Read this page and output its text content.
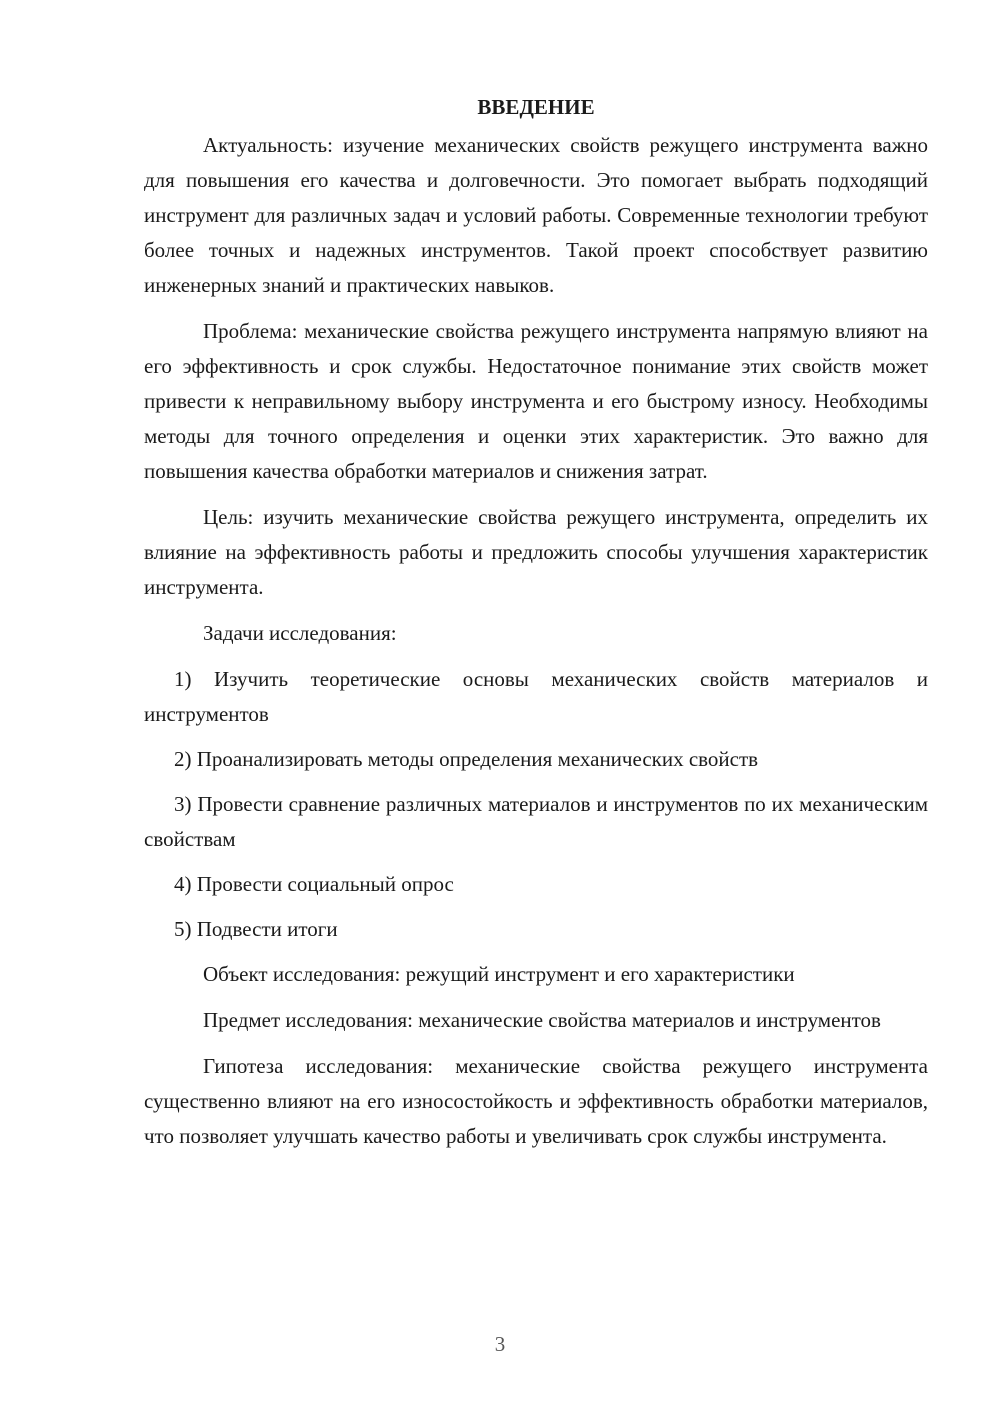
ВВЕДЕНИЕ

Актуальность: изучение механических свойств режущего инструмента важно для повышения его качества и долговечности. Это помогает выбрать подходящий инструмент для различных задач и условий работы. Современные технологии требуют более точных и надежных инструментов. Такой проект способствует развитию инженерных знаний и практических навыков.

Проблема: механические свойства режущего инструмента напрямую влияют на его эффективность и срок службы. Недостаточное понимание этих свойств может привести к неправильному выбору инструмента и его быстрому износу. Необходимы методы для точного определения и оценки этих характеристик. Это важно для повышения качества обработки материалов и снижения затрат.

Цель: изучить механические свойства режущего инструмента, определить их влияние на эффективность работы и предложить способы улучшения характеристик инструмента.

Задачи исследования:

1) Изучить теоретические основы механических свойств материалов и инструментов

2) Проанализировать методы определения механических свойств

3) Провести сравнение различных материалов и инструментов по их механическим свойствам

4) Провести социальный опрос

5) Подвести итоги

Объект исследования: режущий инструмент и его характеристики

Предмет исследования: механические свойства материалов и инструментов

Гипотеза исследования: механические свойства режущего инструмента существенно влияют на его износостойкость и эффективность обработки материалов, что позволяет улучшать качество работы и увеличивать срок службы инструмента.

3
